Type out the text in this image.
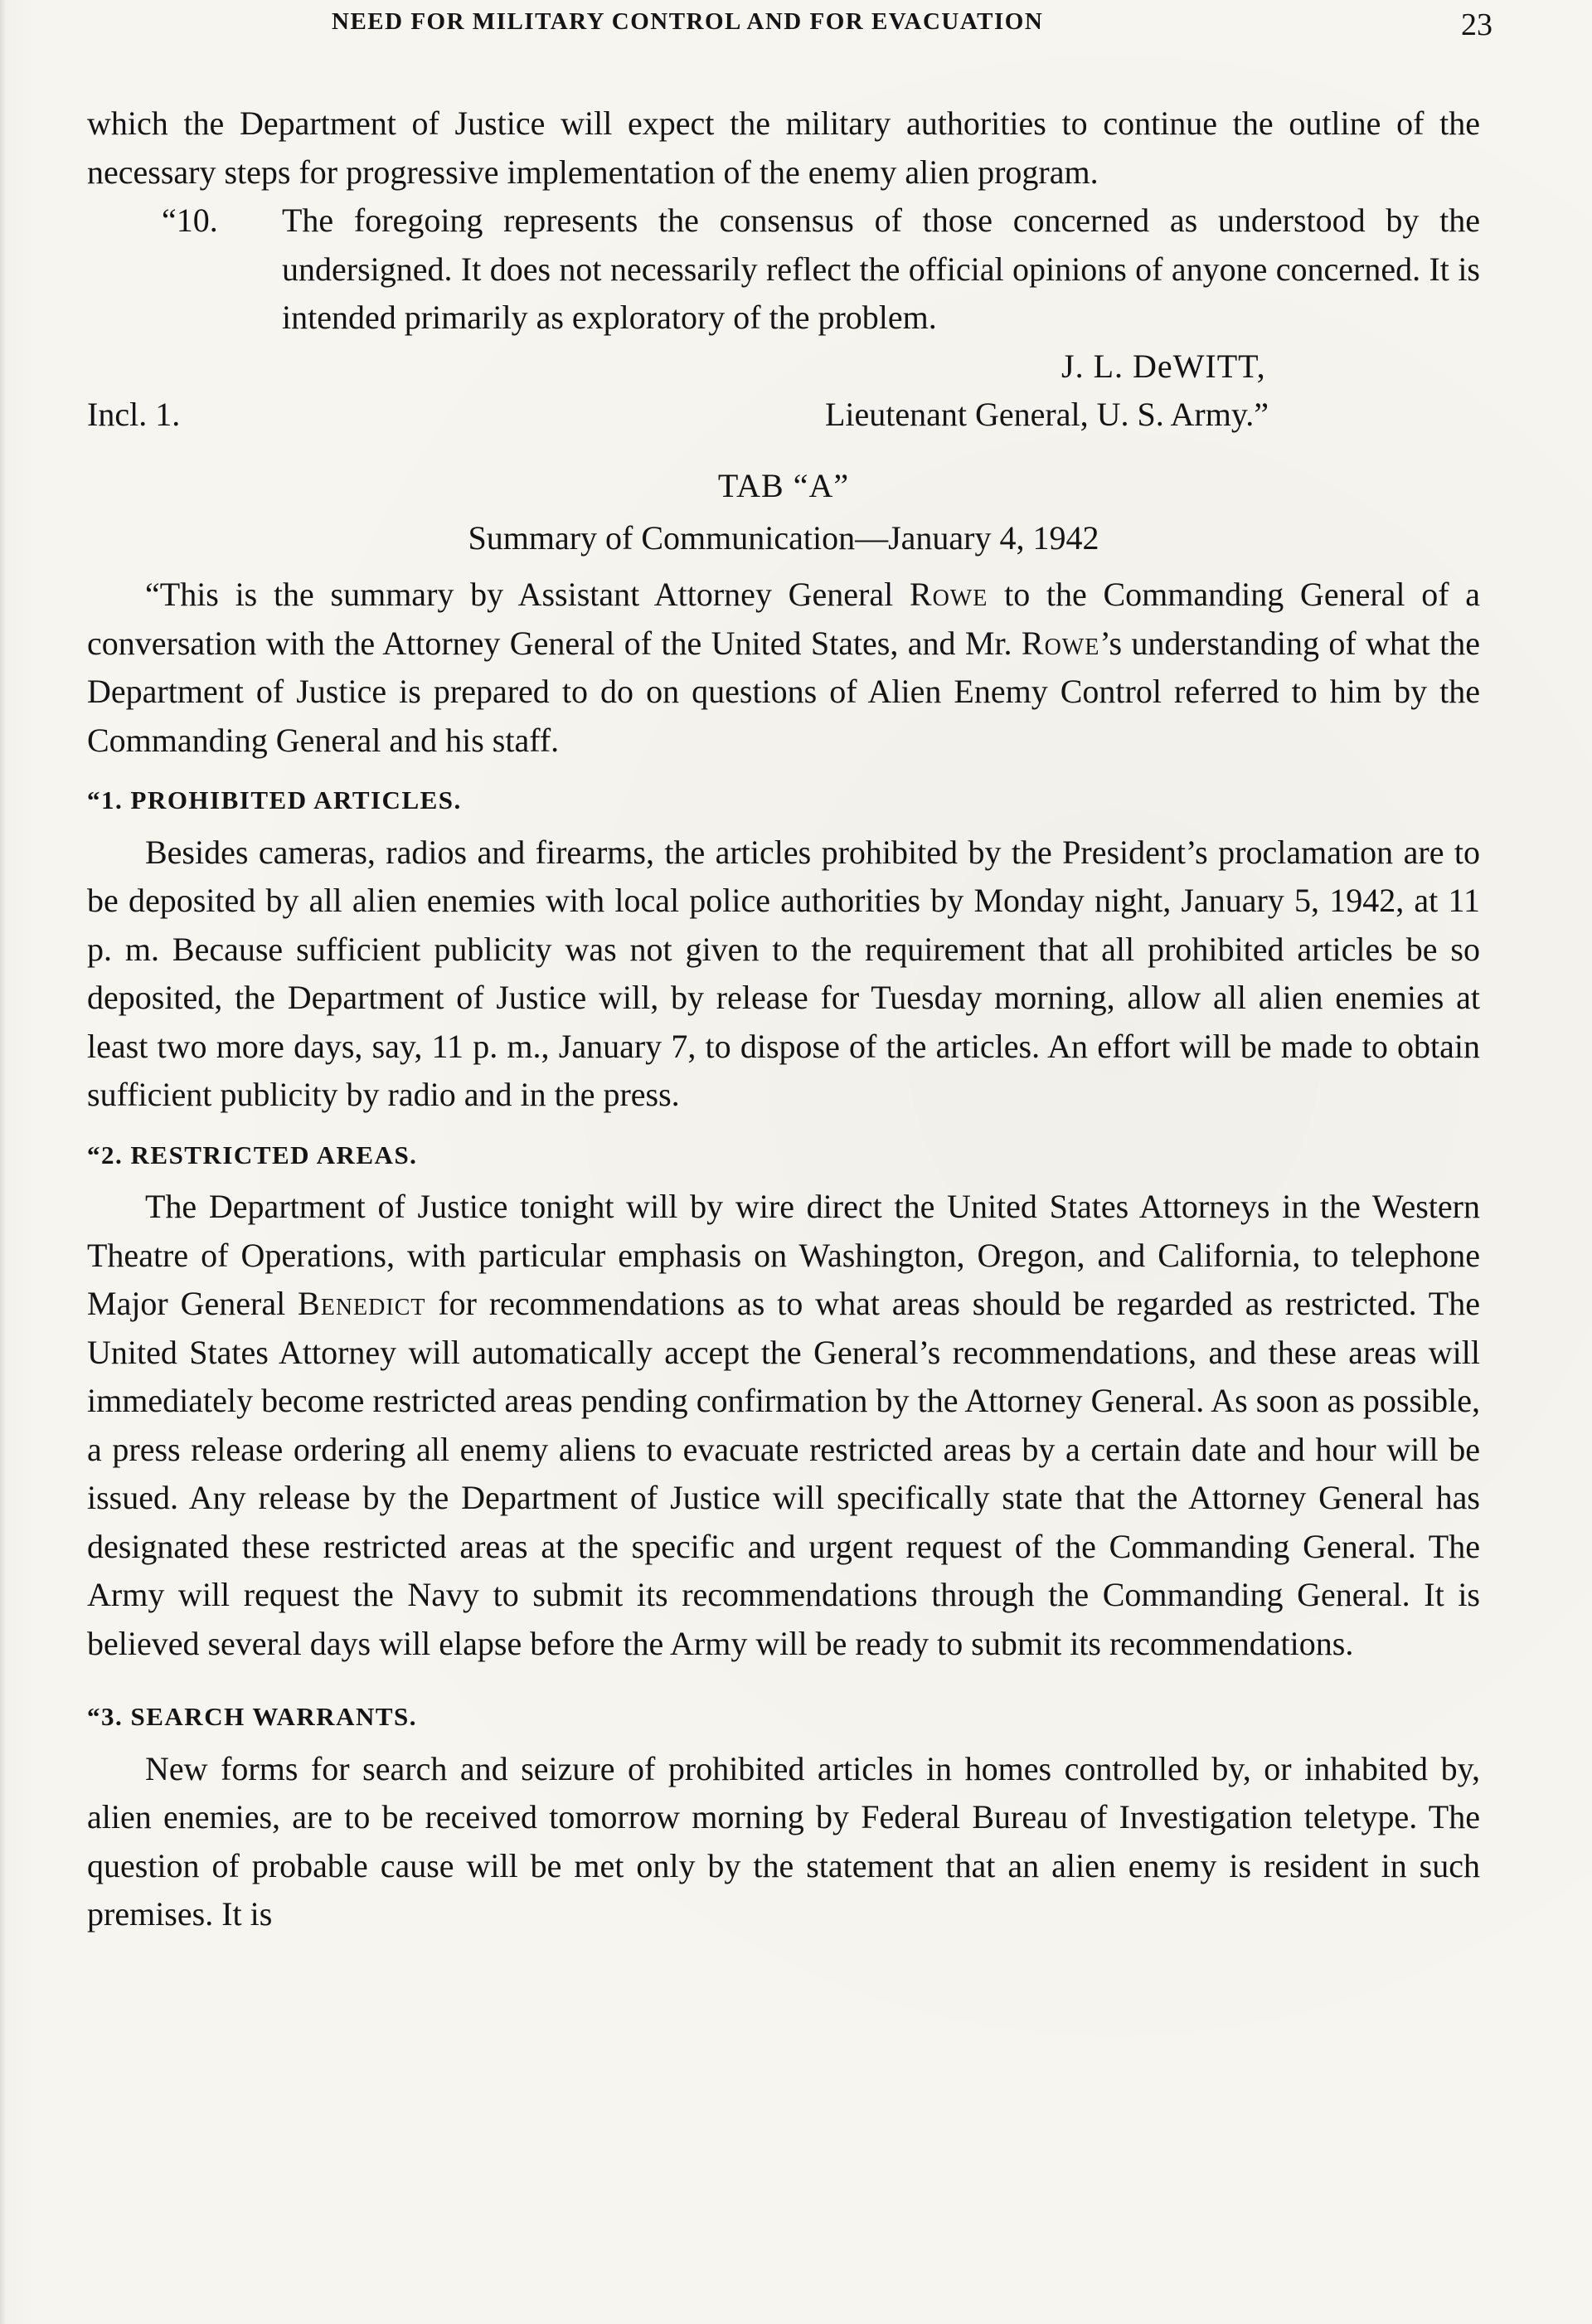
NEED FOR MILITARY CONTROL AND FOR EVACUATION	23

which the Department of Justice will expect the military authorities to continue the outline of the necessary steps for progressive implementation of the enemy alien program.

“10. The foregoing represents the consensus of those concerned as understood by the undersigned. It does not necessarily reflect the official opinions of anyone concerned. It is intended primarily as exploratory of the problem.
J. L. DeWITT,
Incl. 1.	Lieutenant General, U. S. Army.”

TAB “A”

Summary of Communication—January 4, 1942

“This is the summary by Assistant Attorney General Rowe to the Commanding General of a conversation with the Attorney General of the United States, and Mr. Rowe’s understanding of what the Department of Justice is prepared to do on questions of Alien Enemy Control referred to him by the Commanding General and his staff.

“1. PROHIBITED ARTICLES.

Besides cameras, radios and firearms, the articles prohibited by the President’s proclamation are to be deposited by all alien enemies with local police authorities by Monday night, January 5, 1942, at 11 p. m. Because sufficient publicity was not given to the requirement that all prohibited articles be so deposited, the Department of Justice will, by release for Tuesday morning, allow all alien enemies at least two more days, say, 11 p. m., January 7, to dispose of the articles. An effort will be made to obtain sufficient publicity by radio and in the press.

“2. RESTRICTED AREAS.

The Department of Justice tonight will by wire direct the United States Attorneys in the Western Theatre of Operations, with particular emphasis on Washington, Oregon, and California, to telephone Major General Benedict for recommendations as to what areas should be regarded as restricted. The United States Attorney will automatically accept the General’s recommendations, and these areas will immediately become restricted areas pending confirmation by the Attorney General. As soon as possible, a press release ordering all enemy aliens to evacuate restricted areas by a certain date and hour will be issued. Any release by the Department of Justice will specifically state that the Attorney General has designated these restricted areas at the specific and urgent request of the Commanding General. The Army will request the Navy to submit its recommendations through the Commanding General. It is believed several days will elapse before the Army will be ready to submit its recommendations.

“3. SEARCH WARRANTS.

New forms for search and seizure of prohibited articles in homes controlled by, or inhabited by, alien enemies, are to be received tomorrow morning by Federal Bureau of Investigation teletype. The question of probable cause will be met only by the statement that an alien enemy is resident in such premises. It is
